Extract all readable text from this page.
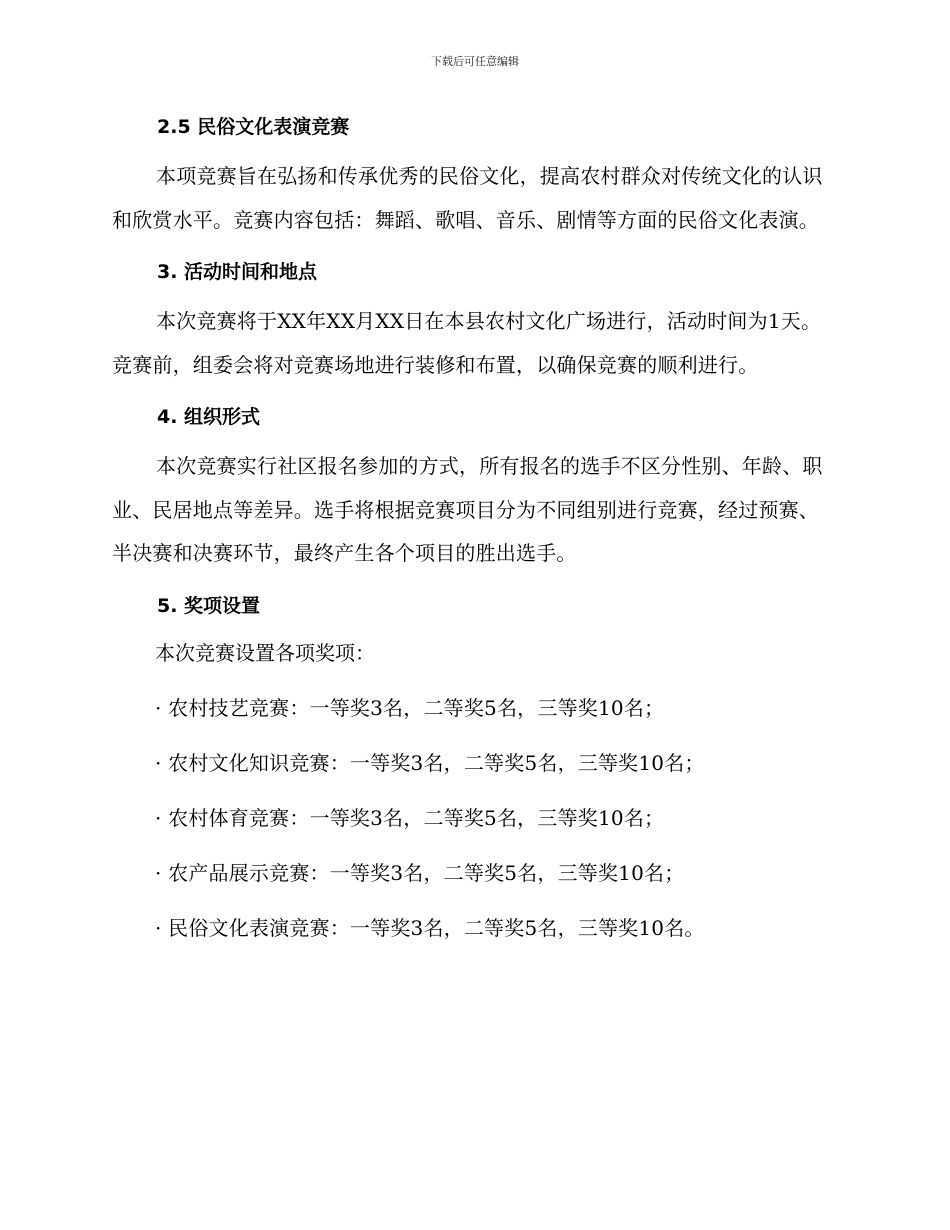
下载后可任意编辑
2.5 民俗文化表演竞赛

本项竞赛旨在弘扬和传承优秀的民俗文化，提高农村群众对传统文化的认识和欣赏水平。竞赛内容包括：舞蹈、歌唱、音乐、剧情等方面的民俗文化表演。

3. 活动时间和地点

本次竞赛将于XX年XX月XX日在本县农村文化广场进行，活动时间为1天。竞赛前，组委会将对竞赛场地进行装修和布置，以确保竞赛的顺利进行。

4. 组织形式

本次竞赛实行社区报名参加的方式，所有报名的选手不区分性别、年龄、职业、民居地点等差异。选手将根据竞赛项目分为不同组别进行竞赛，经过预赛、半决赛和决赛环节，最终产生各个项目的胜出选手。

5. 奖项设置

本次竞赛设置各项奖项：

· 农村技艺竞赛：一等奖3名，二等奖5名，三等奖10名；

· 农村文化知识竞赛：一等奖3名，二等奖5名，三等奖10名；

· 农村体育竞赛：一等奖3名，二等奖5名，三等奖10名；

· 农产品展示竞赛：一等奖3名，二等奖5名，三等奖10名；

· 民俗文化表演竞赛：一等奖3名，二等奖5名，三等奖10名。
